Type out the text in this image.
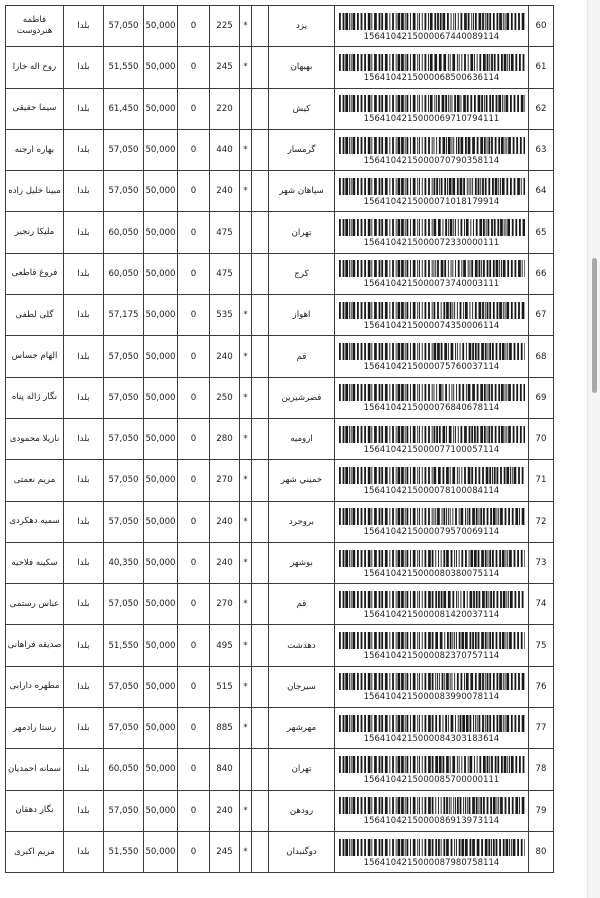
فاطمه هنردوست	بلدا	57,050	50,000	0	225	*		یزد	1564104215000067440089114	60
روح اله خارا	بلدا	51,550	50,000	0	245	*		بهبهان	1564104215000068500636114	61
سیما حقیقی	بلدا	61,450	50,000	0	220			کیش	1564104215000069710794111	62
بهاره ارجنه	بلدا	57,050	50,000	0	440	*		گرمسار	1564104215000070790358114	63
مبینا خلیل زاده	بلدا	57,050	50,000	0	240	*		سپاهان شهر	1564104215000071018179914	64
ملیکا رنجبر	بلدا	60,050	50,000	0	475			تهران	1564104215000072330000111	65
فروغ قاطعی	بلدا	60,050	50,000	0	475			کرج	1564104215000073740003111	66
گلی لطفی	بلدا	57,175	50,000	0	535	*		اهواز	1564104215000074350006114	67
الهام جساس	بلدا	57,050	50,000	0	240	*		قم	1564104215000075760037114	68
نگار ژاله پناه	بلدا	57,050	50,000	0	250	*		قصرشیرین	1564104215000076840678114	69
نازیلا محمودی	بلدا	57,050	50,000	0	280	*		ارومیه	1564104215000077100057114	70
مریم نعمتی	بلدا	57,050	50,000	0	270	*		خميني شهر	1564104215000078100084114	71
سمیه دهکردی	بلدا	57,050	50,000	0	240	*		بروجرد	1564104215000079570069114	72
سکینه فلاحیه	بلدا	40,350	50,000	0	240	*		بوشهر	1564104215000080380075114	73
عباس رستمی	بلدا	57,050	50,000	0	270	*		قم	1564104215000081420037114	74
صدیقه فراهانی	بلدا	51,550	50,000	0	495	*		دهدشت	1564104215000082370757114	75
مطهره دارابی	بلدا	57,050	50,000	0	515	*		سیرجان	1564104215000083990078114	76
رستا رادمهر	بلدا	57,050	50,000	0	885	*		مهرشهر	1564104215000084303183614	77
سمانه احمدیان	بلدا	60,050	50,000	0	840			تهران	1564104215000085700000111	78
نگار دهقان	بلدا	57,050	50,000	0	240	*		رودهن	1564104215000086913973114	79
مریم اکبری	بلدا	51,550	50,000	0	245	*		دوگنبدان	1564104215000087980758114	80
